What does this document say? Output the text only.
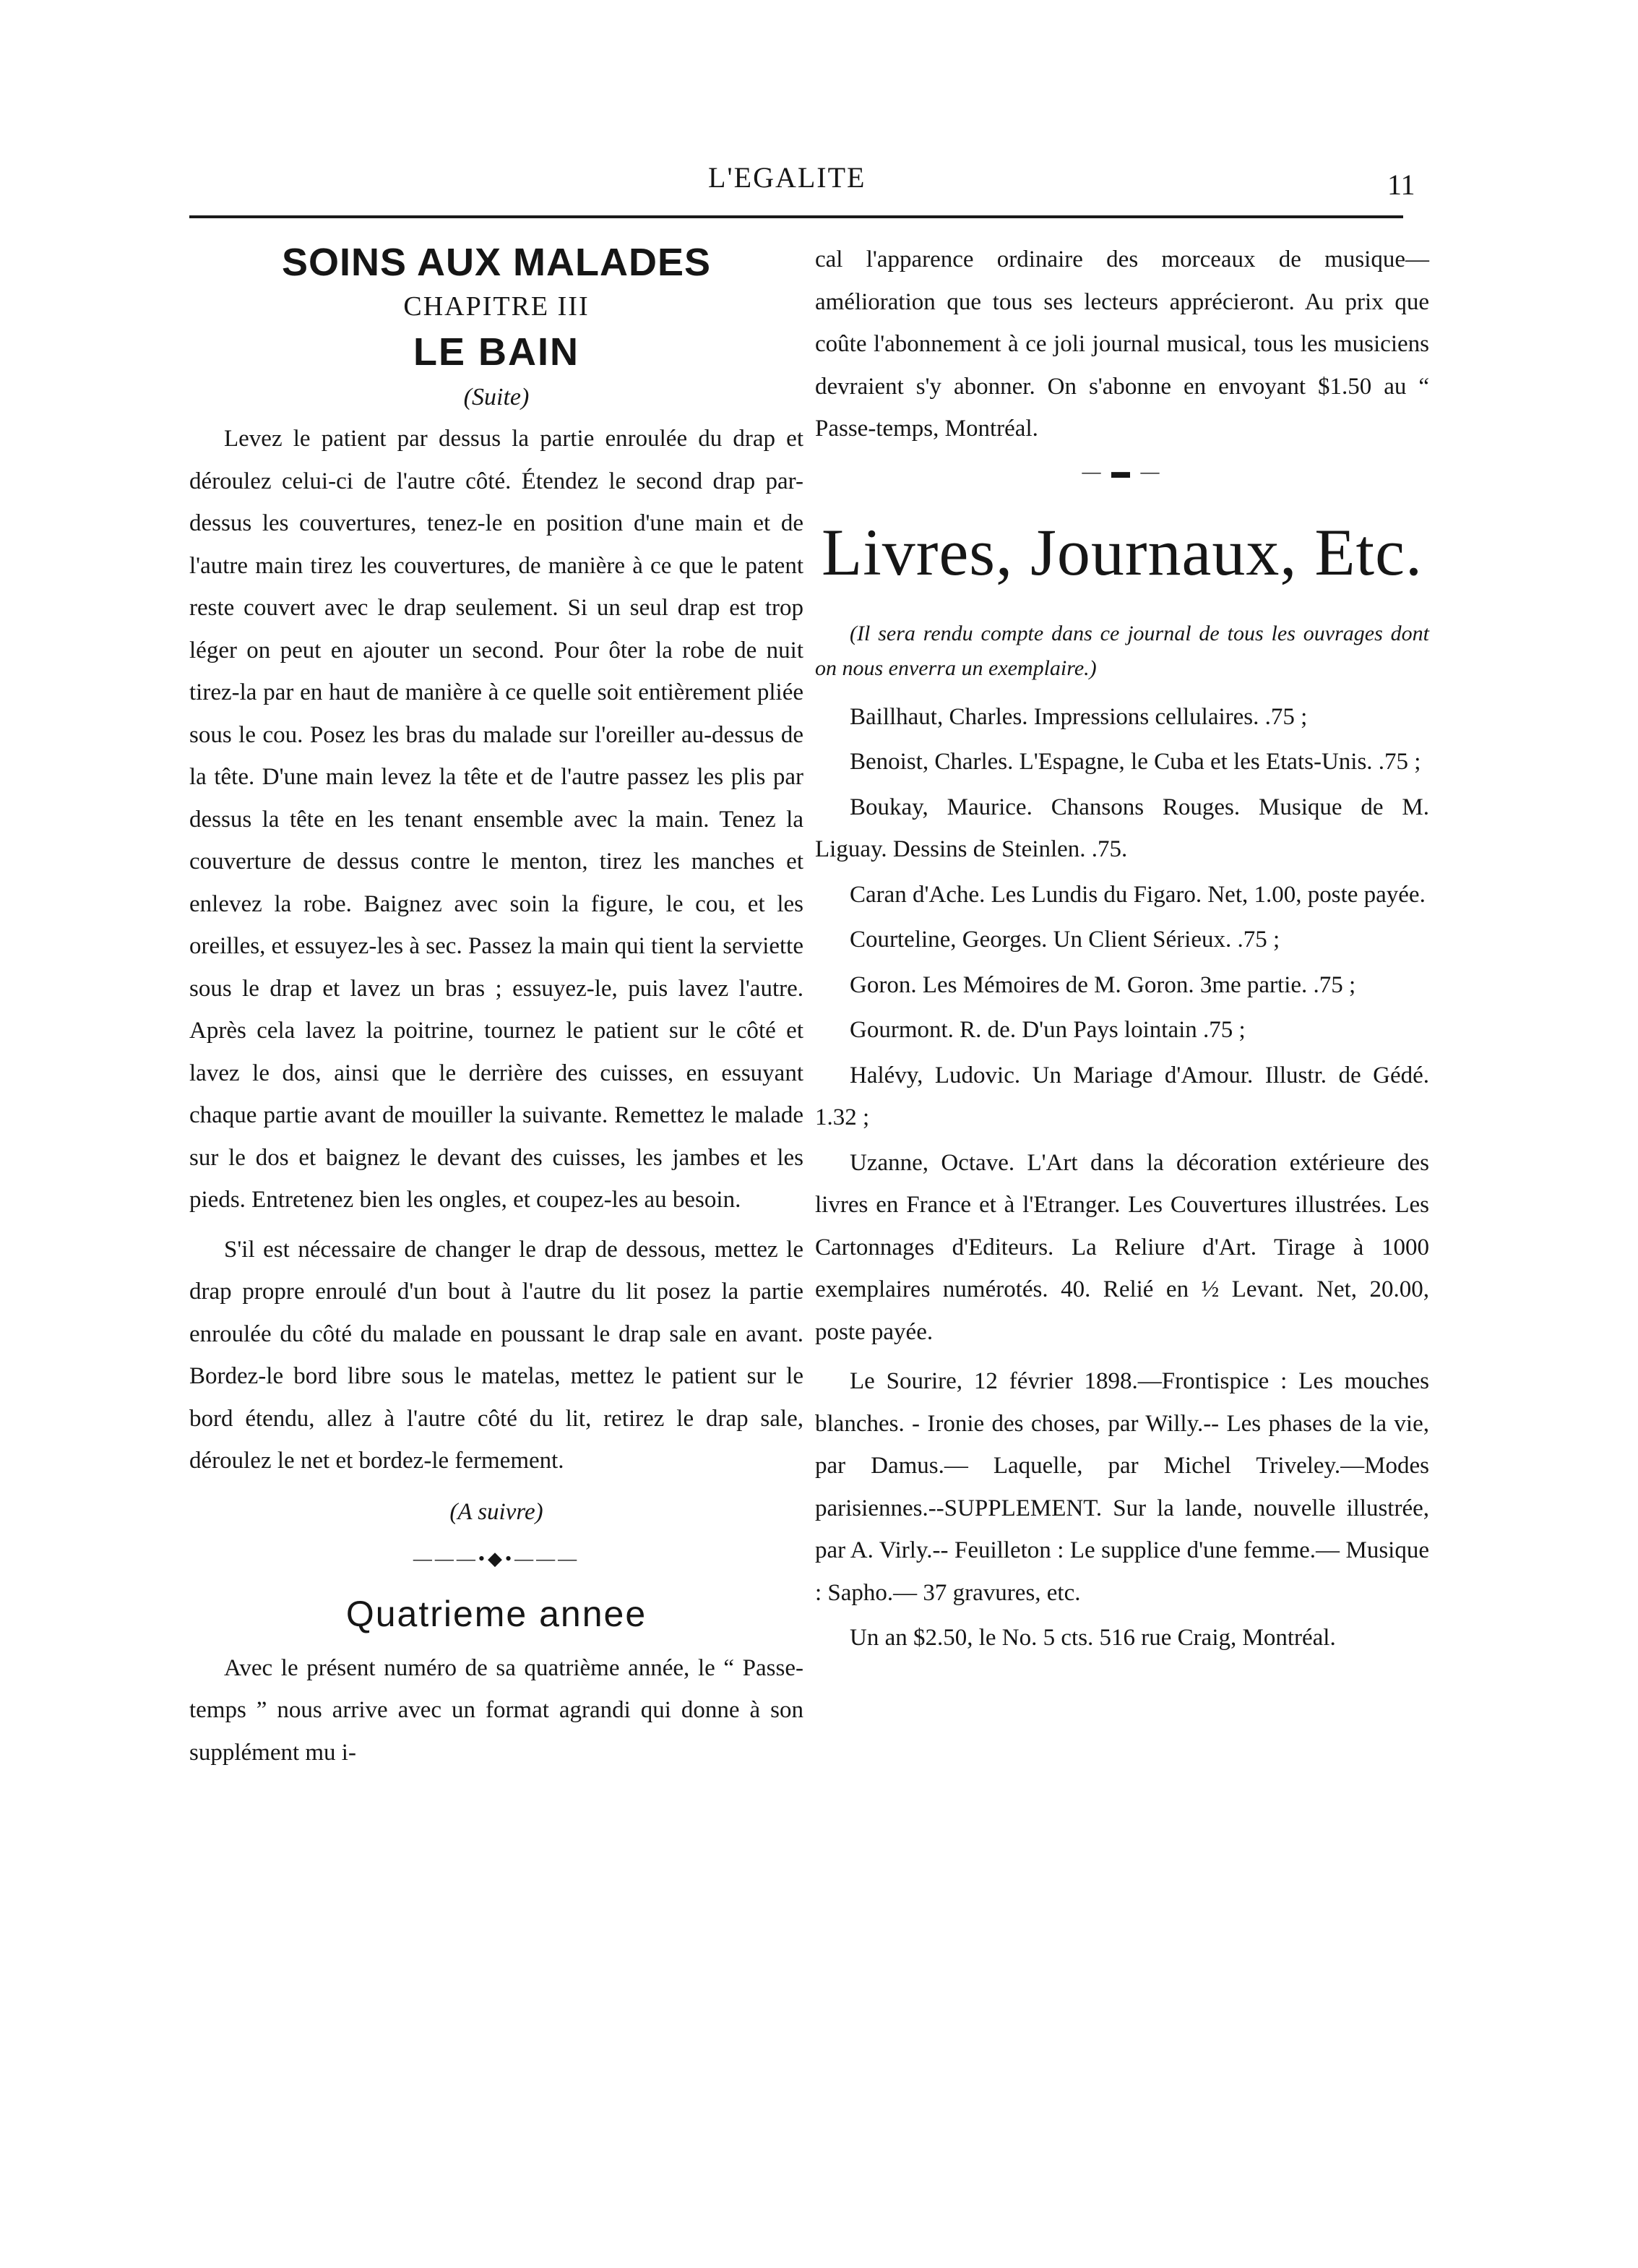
L'EGALITE	11

SOINS AUX MALADES

CHAPITRE III

LE BAIN

(Suite)

Levez le patient par dessus la partie enroulée du drap et déroulez celui-ci de l'autre côté. Étendez le second drap par-dessus les couvertures, tenez-le en position d'une main et de l'autre main tirez les couvertures, de manière à ce que le patent reste couvert avec le drap seulement. Si un seul drap est trop léger on peut en ajouter un second. Pour ôter la robe de nuit tirez-la par en haut de manière à ce quelle soit entièrement pliée sous le cou. Posez les bras du malade sur l'oreiller au-dessus de la tête. D'une main levez la tête et de l'autre passez les plis par dessus la tête en les tenant ensemble avec la main. Tenez la couverture de dessus contre le menton, tirez les manches et enlevez la robe. Baignez avec soin la figure, le cou, et les oreilles, et essuyez-les à sec. Passez la main qui tient la serviette sous le drap et lavez un bras ; essuyez-le, puis lavez l'autre. Après cela lavez la poitrine, tournez le patient sur le côté et lavez le dos, ainsi que le derrière des cuisses, en essuyant chaque partie avant de mouiller la suivante. Remettez le malade sur le dos et baignez le devant des cuisses, les jambes et les pieds. Entretenez bien les ongles, et coupez-les au besoin.

S'il est nécessaire de changer le drap de dessous, mettez le drap propre enroulé d'un bout à l'autre du lit posez la partie enroulée du côté du malade en poussant le drap sale en avant. Bordez-le bord libre sous le matelas, mettez le patient sur le bord étendu, allez à l'autre côté du lit, retirez le drap sale, déroulez le net et bordez-le fermement.

(A suivre)

———•◆•———

Quatrieme annee

Avec le présent numéro de sa quatrième année, le “ Passe-temps ” nous arrive avec un format agrandi qui donne à son supplément mu i-

cal l'apparence ordinaire des morceaux de musique—amélioration que tous ses lecteurs apprécieront. Au prix que coûte l'abonnement à ce joli journal musical, tous les musiciens devraient s'y abonner. On s'abonne en envoyant $1.50 au “ Passe-temps, Montréal.

— ▬ —

Livres, Journaux, Etc.

(Il sera rendu compte dans ce journal de tous les ouvrages dont on nous enverra un exemplaire.)

Baillhaut, Charles. Impressions cellulaires. .75 ;

Benoist, Charles. L'Espagne, le Cuba et les Etats-Unis. .75 ;

Boukay, Maurice. Chansons Rouges. Musique de M. Liguay. Dessins de Steinlen. .75.

Caran d'Ache. Les Lundis du Figaro. Net, 1.00, poste payée.

Courteline, Georges. Un Client Sérieux. .75 ;

Goron. Les Mémoires de M. Goron. 3me partie. .75 ;

Gourmont. R. de. D'un Pays lointain .75 ;

Halévy, Ludovic. Un Mariage d'Amour. Illustr. de Gédé. 1.32 ;

Uzanne, Octave. L'Art dans la décoration extérieure des livres en France et à l'Etranger. Les Couvertures illustrées. Les Cartonnages d'Editeurs. La Reliure d'Art. Tirage à 1000 exemplaires numérotés. 40. Relié en ½ Levant. Net, 20.00, poste payée.

Le Sourire, 12 février 1898.—Frontispice : Les mouches blanches. - Ironie des choses, par Willy.-- Les phases de la vie, par Damus.— Laquelle, par Michel Triveley.—Modes parisiennes.--SUPPLEMENT. Sur la lande, nouvelle illustrée, par A. Virly.-- Feuilleton : Le supplice d'une femme.— Musique : Sapho.— 37 gravures, etc.

Un an $2.50, le No. 5 cts. 516 rue Craig, Montréal.
